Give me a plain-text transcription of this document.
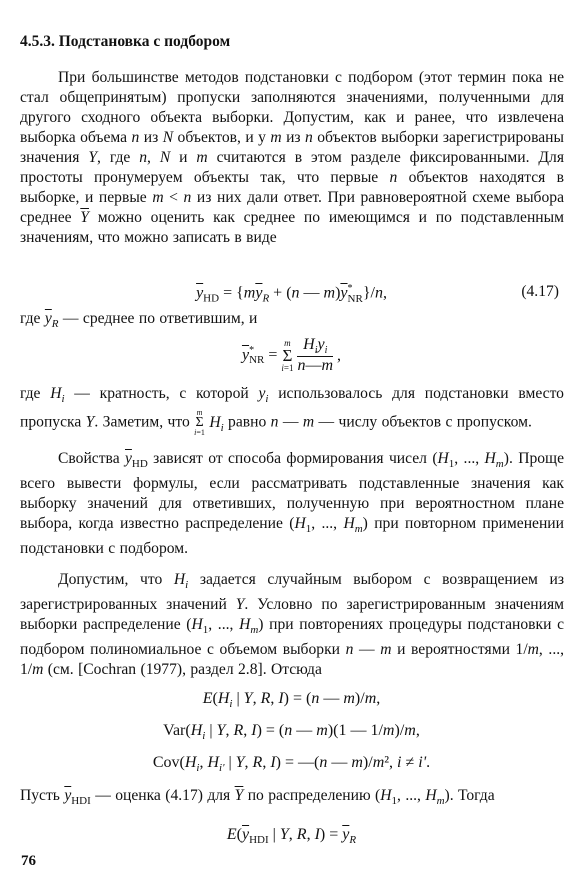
4.5.3. Подстановка с подбором
При большинстве методов подстановки с подбором (этот термин пока не стал общепринятым) пропуски заполняются значениями, полученными для другого сходного объекта выборки. Допустим, как и ранее, что извлечена выборка объема n из N объектов, и у m из n объектов выборки зарегистрированы значения Y, где n, N и m считаются в этом разделе фиксированными. Для простоты пронумеруем объекты так, что первые n объектов находятся в выборке, и первые m < n из них дали ответ. При равновероятной схеме выбора среднее $\overline{Y}$ можно оценить как среднее по имеющимся и по подставленным значениям, что можно записать в виде
$\overline{y}_{HD} = \{m\overline{y}_R + (n$ — $m)\overline{y}^*_{NR}\}/n$,	(4.17)
где $\overline{y}_R$ — среднее по ответившим, и
$\overline{y}^*_{NR}$ =
m
Σ
i=1

$H_iy_i$
n—m
,
где $H_i$ — кратность, с которой $y_i$ использовалось для подстановки вместо пропуска Y. Заметим, что m
Σ
i=1 $H_i$ равно n — m — числу объектов с пропуском.
Свойства $\overline{y}_{HD}$ зависят от способа формирования чисел ($H_1$, ..., $H_m$). Проще всего вывести формулы, если рассматривать подставленные значения как выборку значений для ответивших, полученную при вероятностном плане выбора, когда известно распределение ($H_1$, ..., $H_m$) при повторном применении подстановки с подбором.
Допустим, что $H_i$ задается случайным выбором с возвращением из зарегистрированных значений Y. Условно по зарегистрированным значениям выборки распределение ($H_1$, ..., $H_m$) при повторениях процедуры подстановки с подбором полиномиальное с объемом выборки n — m и вероятностями 1/m, ..., 1/m (см. [Cochran (1977), раздел 2.8]. Отсюда
$E(H_i$ | Y, R, I) = (n — m)/m,
$Var(H_i$ | Y, R, I) = (n — m)(1 — 1/m)/m,
$Cov(H_i$, $H_{i'}$ | Y, R, I) = —(n — m)/m², i ≠ i'.
Пусть $\overline{y}_{HDI}$ — оценка (4.17) для $\overline{Y}$ по распределению ($H_1$, ..., $H_m$). Тогда
$E(\overline{y}_{HDI}$ | Y, R, $I) = \overline{y}_R$
76
